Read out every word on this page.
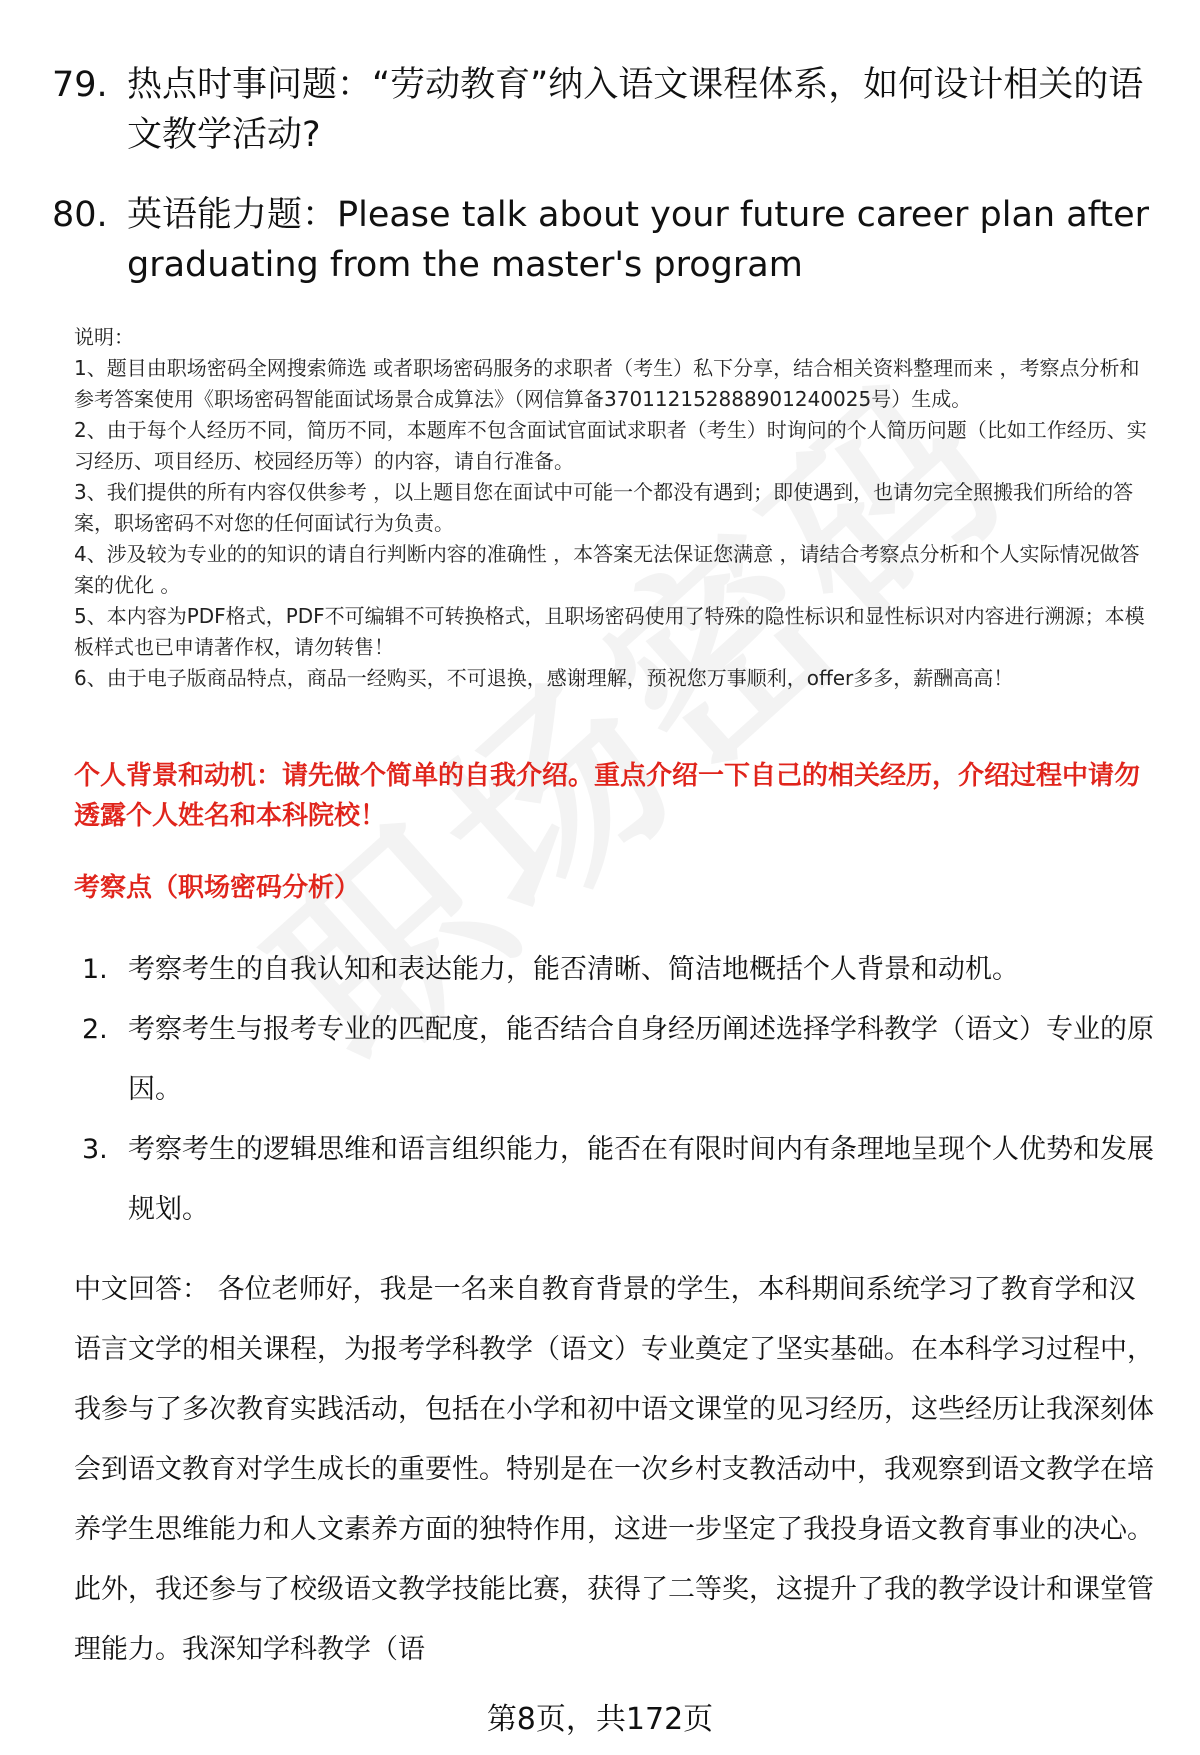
79. 热点时事问题：“劳动教育”纳入语文课程体系，如何设计相关的语文教学活动?
80. 英语能力题：Please talk about your future career plan after graduating from the master's program
说明：
1、题目由职场密码全网搜索筛选 或者职场密码服务的求职者（考生）私下分享，结合相关资料整理而来 ，考察点分析和参考答案使用《职场密码智能面试场景合成算法》（网信算备370112152888901240025号）生成。
2、由于每个人经历不同，简历不同，本题库不包含面试官面试求职者（考生）时询问的个人简历问题（比如工作经历、实习经历、项目经历、校园经历等）的内容，请自行准备。
3、我们提供的所有内容仅供参考 ，以上题目您在面试中可能一个都没有遇到；即使遇到，也请勿完全照搬我们所给的答案，职场密码不对您的任何面试行为负责。
4、涉及较为专业的的知识的请自行判断内容的准确性 ，本答案无法保证您满意 ，请结合考察点分析和个人实际情况做答案的优化 。
5、本内容为PDF格式，PDF不可编辑不可转换格式，且职场密码使用了特殊的隐性标识和显性标识对内容进行溯源；本模板样式也已申请著作权，请勿转售！
6、由于电子版商品特点，商品一经购买，不可退换，感谢理解，预祝您万事顺利，offer多多，薪酬高高！
个人背景和动机：请先做个简单的自我介绍。重点介绍一下自己的相关经历，介绍过程中请勿透露个人姓名和本科院校！
考察点（职场密码分析）
1. 考察考生的自我认知和表达能力，能否清晰、简洁地概括个人背景和动机。
2. 考察考生与报考专业的匹配度，能否结合自身经历阐述选择学科教学（语文）专业的原因。
3. 考察考生的逻辑思维和语言组织能力，能否在有限时间内有条理地呈现个人优势和发展规划。
中文回答： 各位老师好，我是一名来自教育背景的学生，本科期间系统学习了教育学和汉语言文学的相关课程，为报考学科教学（语文）专业奠定了坚实基础。在本科学习过程中，我参与了多次教育实践活动，包括在小学和初中语文课堂的见习经历，这些经历让我深刻体会到语文教育对学生成长的重要性。特别是在一次乡村支教活动中，我观察到语文教学在培养学生思维能力和人文素养方面的独特作用，这进一步坚定了我投身语文教育事业的决心。此外，我还参与了校级语文教学技能比赛，获得了二等奖，这提升了我的教学设计和课堂管理能力。我深知学科教学（语
第8页，共172页
